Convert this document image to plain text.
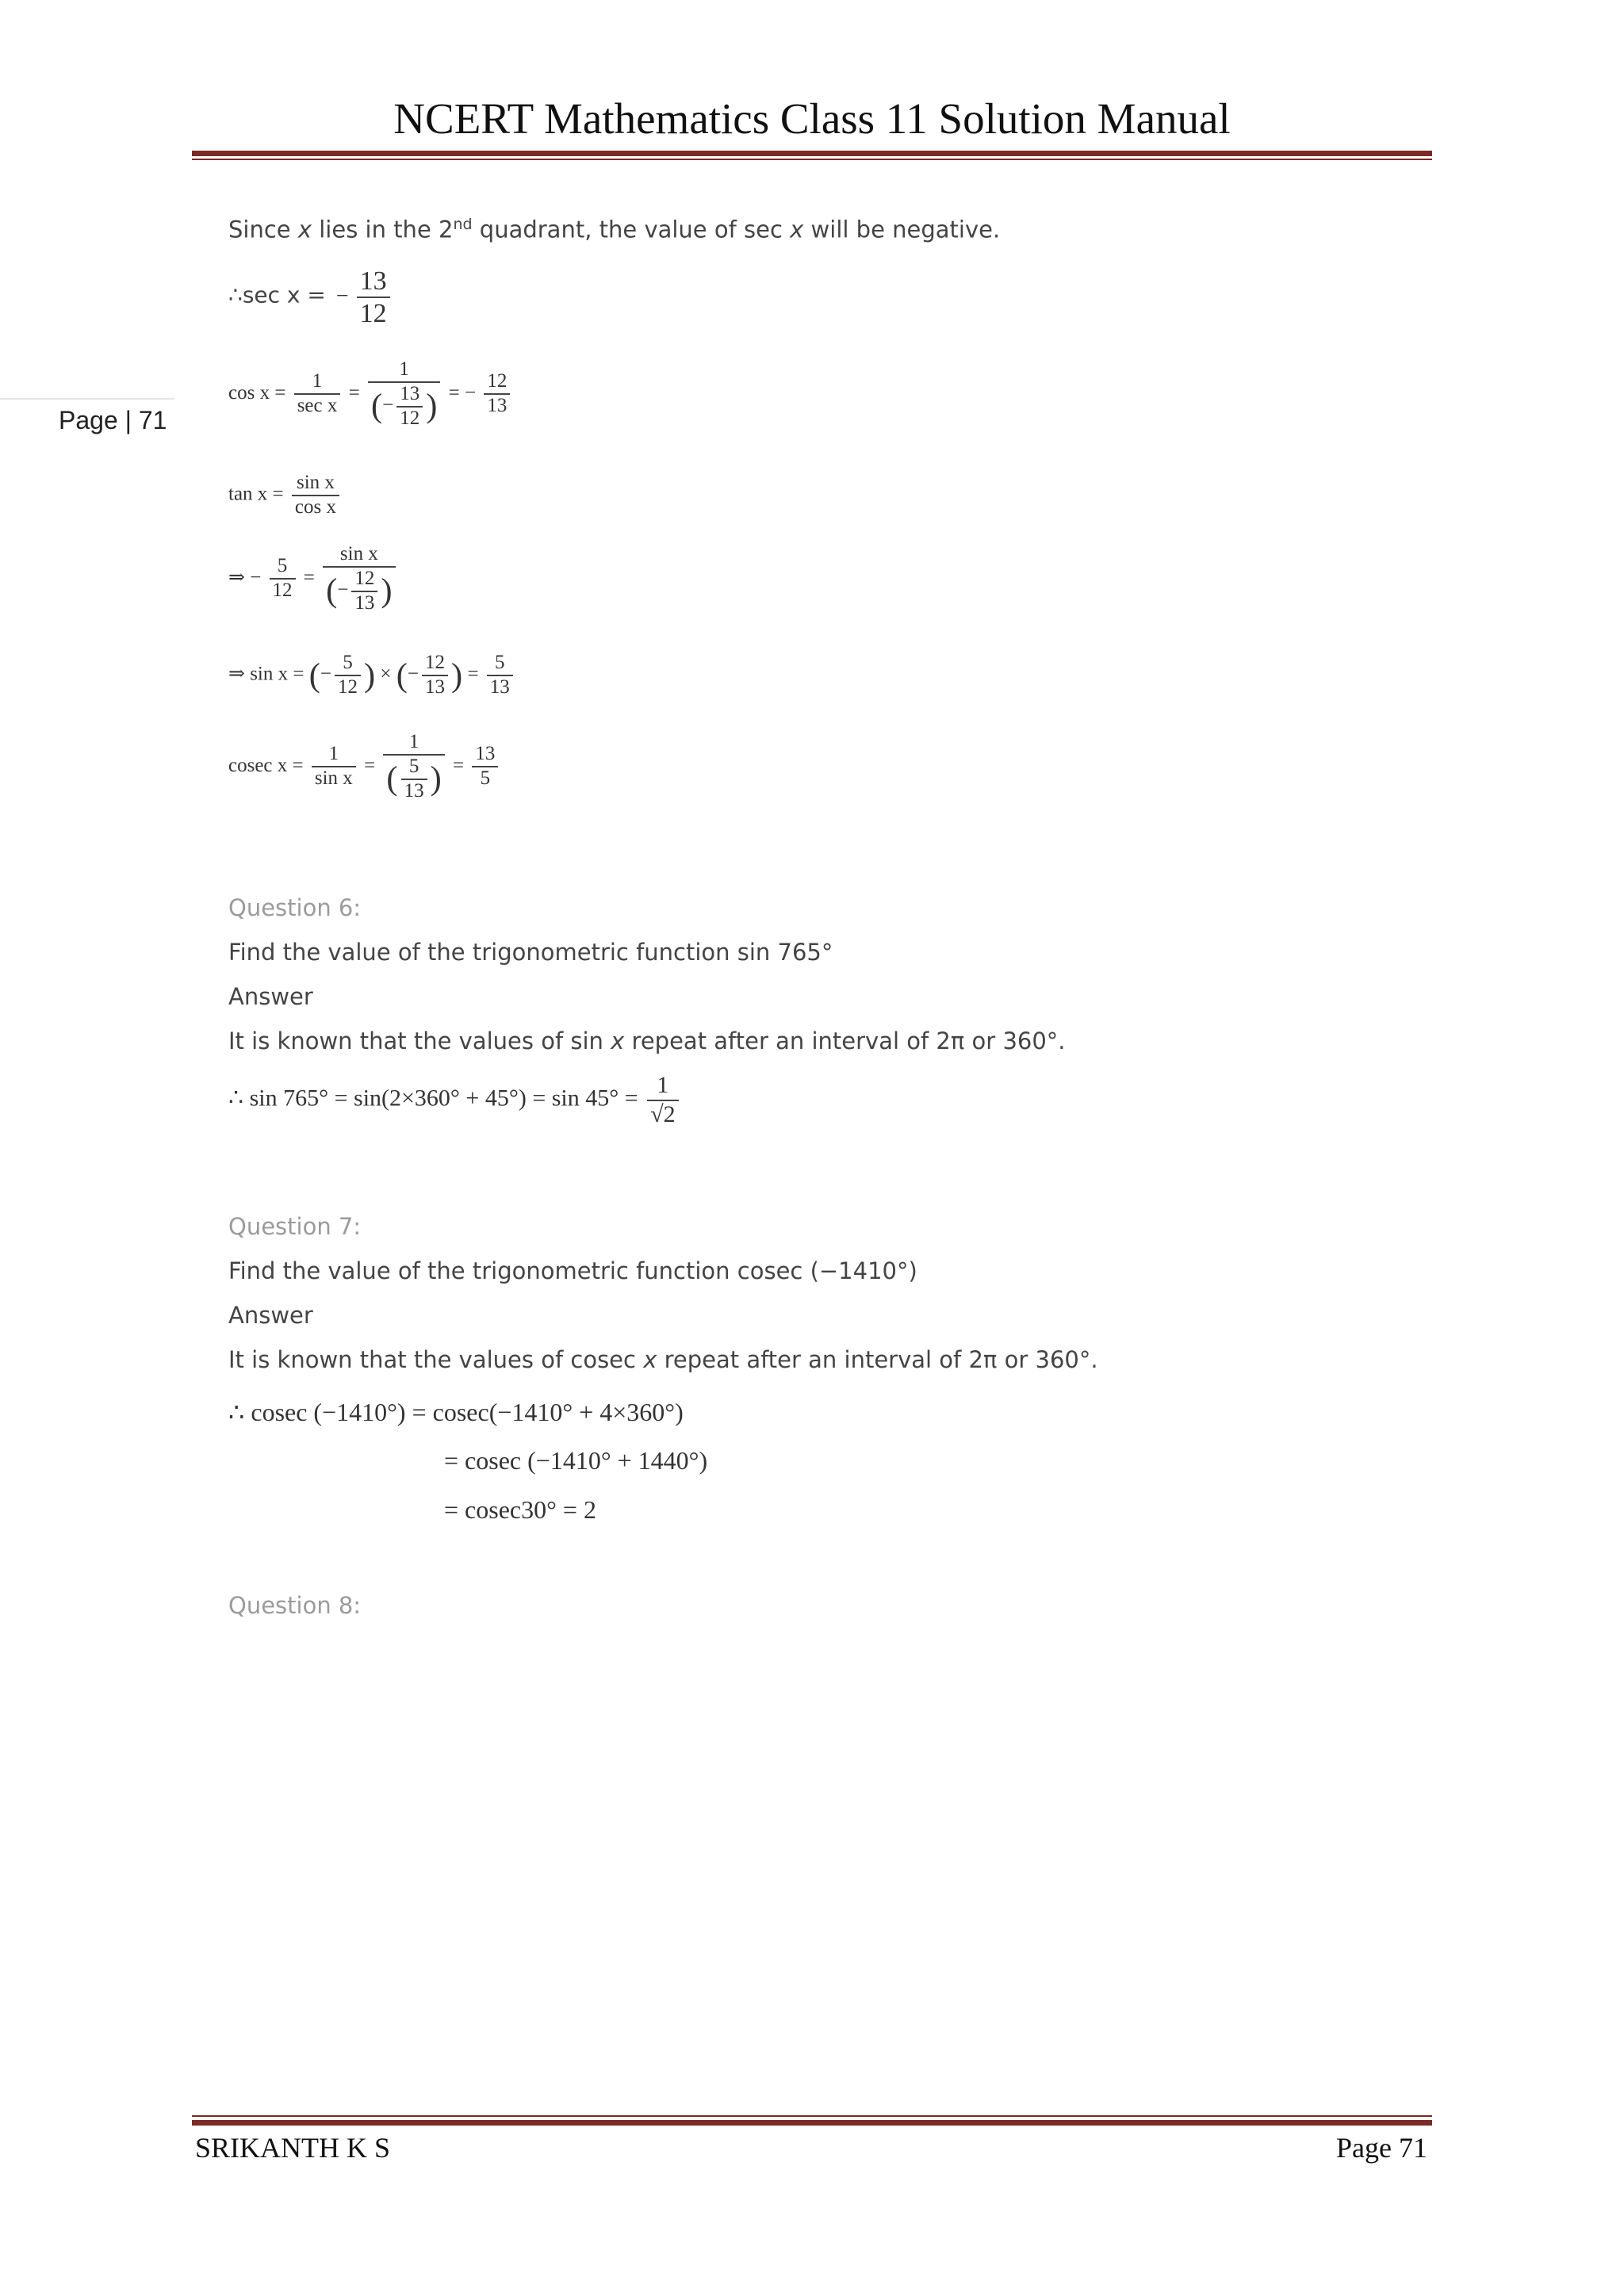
NCERT Mathematics Class 11 Solution Manual
Page | 71
Since x lies in the 2nd quadrant, the value of sec x will be negative.
∴sec x = − $\frac{13}{12}$
$\cos x = \frac{1}{\text{sec x}} = \frac{1}{(- \frac{13}{12} )}$ = − $\frac{12}{13}$
$\tan x = \frac{\text{sin x}}{\text{cos x}}$
⇒ − $\frac{5}{12} = \frac{\text{sin x}}{(- \frac{12}{13} )}$
⇒ sin x = (− $\frac{5}{12}$ ) × (− $\frac{12}{13}$ ) = $\frac{5}{13}$
cosec $x = \frac{1}{\text{sin x}} = \frac{1}{( \frac{5}{13} )} = \frac{13}{5}$
Question 6:
Find the value of the trigonometric function sin 765°
Answer
It is known that the values of sin x repeat after an interval of 2π or 360°.
∴ $\sin 765^\circ = \sin(2\times 360^\circ + 45^\circ) = \sin 45^\circ = \frac{1}{√2}$
Question 7:
Find the value of the trigonometric function cosec (−1410°)
Answer
It is known that the values of cosec x repeat after an interval of 2π or 360°.
∴ cosec (−1410°) = cosec(−1410° + 4×360°)
= cosec (−1410° + 1440°)
= cosec30° = 2
Question 8:
SRIKANTH K S	Page 71
